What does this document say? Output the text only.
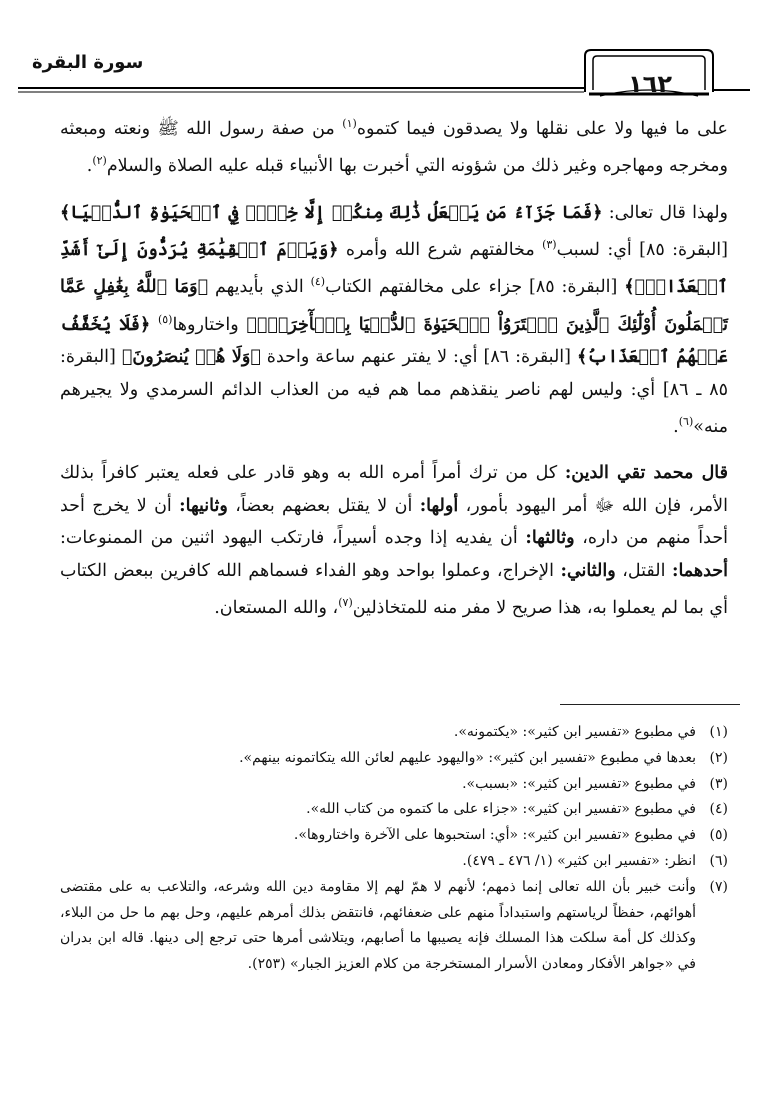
سورة البقرة
١٦٢

على ما فيها ولا على نقلها ولا يصدقون فيما كتموه$^{(١)}$ من صفة رسول الله ﷺ ونعته ومبعثه ومخرجه ومهاجره وغير ذلك من شؤونه التي أخبرت بها الأنبياء قبله عليه الصلاة والسلام$^{(٢)}$.

ولهذا قال تعالى: ﴿فَمَا جَزَآءُ مَن يَفۡعَلُ ذَٰلِكَ مِنكُمۡ إِلَّا خِزۡيٞ فِي ٱلۡحَيَوٰةِ ٱلدُّنۡيَا﴾ [البقرة: ٨٥] أي: لسبب$^{(٣)}$ مخالفتهم شرع الله وأمره ﴿وَيَوۡمَ ٱلۡقِيَٰمَةِ يُرَدُّونَ إِلَىٰٓ أَشَدِّ ٱلۡعَذَابِۗ﴾ [البقرة: ٨٥] جزاء على مخالفتهم الكتاب$^{(٤)}$ الذي بأيديهم ﴿وَمَا ٱللَّهُ بِغَٰفِلٍ عَمَّا تَعۡمَلُونَ أُوْلَٰٓئِكَ ٱلَّذِينَ ٱشۡتَرَوُاْ ٱلۡحَيَوٰةَ ٱلدُّنۡيَا بِٱلۡأٓخِرَةِۖ﴾ واختاروها$^{(٥)}$ ﴿فَلَا يُخَفَّفُ عَنۡهُمُ ٱلۡعَذَابُ﴾ [البقرة: ٨٦] أي: لا يفتر عنهم ساعة واحدة ﴿وَلَا هُمۡ يُنصَرُونَ﴾ [البقرة: ٨٥ ـ ٨٦] أي: وليس لهم ناصر ينقذهم مما هم فيه من العذاب الدائم السرمدي ولا يجيرهم منه»$^{(٦)}$.

قال محمد تقي الدين: كل من ترك أمراً أمره الله به وهو قادر على فعله يعتبر كافراً بذلك الأمر، فإن الله ﷻ أمر اليهود بأمور، أولها: أن لا يقتل بعضهم بعضاً، وثانيها: أن لا يخرج أحد أحداً منهم من داره، وثالثها: أن يفديه إذا وجده أسيراً، فارتكب اليهود اثنين من الممنوعات: أحدهما: القتل، والثاني: الإخراج، وعملوا بواحد وهو الفداء فسماهم الله كافرين ببعض الكتاب أي بما لم يعملوا به، هذا صريح لا مفر منه للمتخاذلين$^{(٧)}$، والله المستعان.

(١)
في مطبوع «تفسير ابن كثير»: «يكتمونه».
(٢)
بعدها في مطبوع «تفسير ابن كثير»: «واليهود عليهم لعائن الله يتكاتمونه بينهم».
(٣)
في مطبوع «تفسير ابن كثير»: «بسبب».
(٤)
في مطبوع «تفسير ابن كثير»: «جزاء على ما كتموه من كتاب الله».
(٥)
في مطبوع «تفسير ابن كثير»: «أي: استحبوها على الآخرة واختاروها».
(٦)
انظر: «تفسير ابن كثير» (١/ ٤٧٦ ـ ٤٧٩).
(٧)
وأنت خبير بأن الله تعالى إنما ذمهم؛ لأنهم لا همّ لهم إلا مقاومة دين الله وشرعه، والتلاعب به على مقتضى أهوائهم، حفظاً لرياستهم واستبداداً منهم على ضعفائهم، فانتقض بذلك أمرهم عليهم، وحل بهم ما حل من البلاء، وكذلك كل أمة سلكت هذا المسلك فإنه يصيبها ما أصابهم، ويتلاشى أمرها حتى ترجع إلى دينها. قاله ابن بدران في «جواهر الأفكار ومعادن الأسرار المستخرجة من كلام العزيز الجبار» (٢٥٣).
